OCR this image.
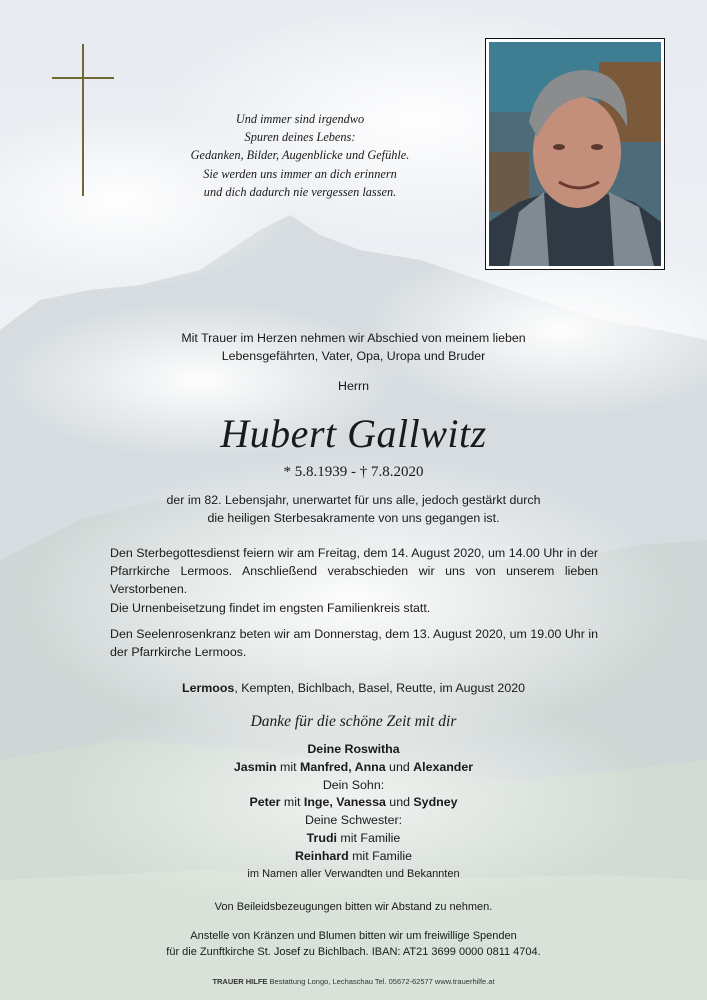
Und immer sind irgendwo
Spuren deines Lebens:
Gedanken, Bilder, Augenblicke und Gefühle.
Sie werden uns immer an dich erinnern
und dich dadurch nie vergessen lassen.
Mit Trauer im Herzen nehmen wir Abschied von meinem lieben
Lebensgefährten, Vater, Opa, Uropa und Bruder
Herrn
Hubert Gallwitz
* 5.8.1939 - † 7.8.2020
der im 82. Lebensjahr, unerwartet für uns alle, jedoch gestärkt durch
die heiligen Sterbesakramente von uns gegangen ist.
Den Sterbegottesdienst feiern wir am Freitag, dem 14. August 2020, um 14.00 Uhr in der Pfarrkirche Lermoos. Anschließend verabschieden wir uns von unserem lieben Verstorbenen.
Die Urnenbeisetzung findet im engsten Familienkreis statt.
Den Seelenrosenkranz beten wir am Donnerstag, dem 13. August 2020, um 19.00 Uhr in der Pfarrkirche Lermoos.
Lermoos, Kempten, Bichlbach, Basel, Reutte, im August 2020
Danke für die schöne Zeit mit dir
Deine Roswitha
Jasmin mit Manfred, Anna und Alexander
Dein Sohn:
Peter mit Inge, Vanessa und Sydney
Deine Schwester:
Trudi mit Familie
Reinhard mit Familie
im Namen aller Verwandten und Bekannten
Von Beileidsbezeugungen bitten wir Abstand zu nehmen.
Anstelle von Kränzen und Blumen bitten wir um freiwillige Spenden
für die Zunftkirche St. Josef zu Bichlbach. IBAN: AT21 3699 0000 0811 4704.
TRAUER HILFE Bestattung Longo, Lechaschau Tel. 05672-62577 www.trauerhilfe.at
